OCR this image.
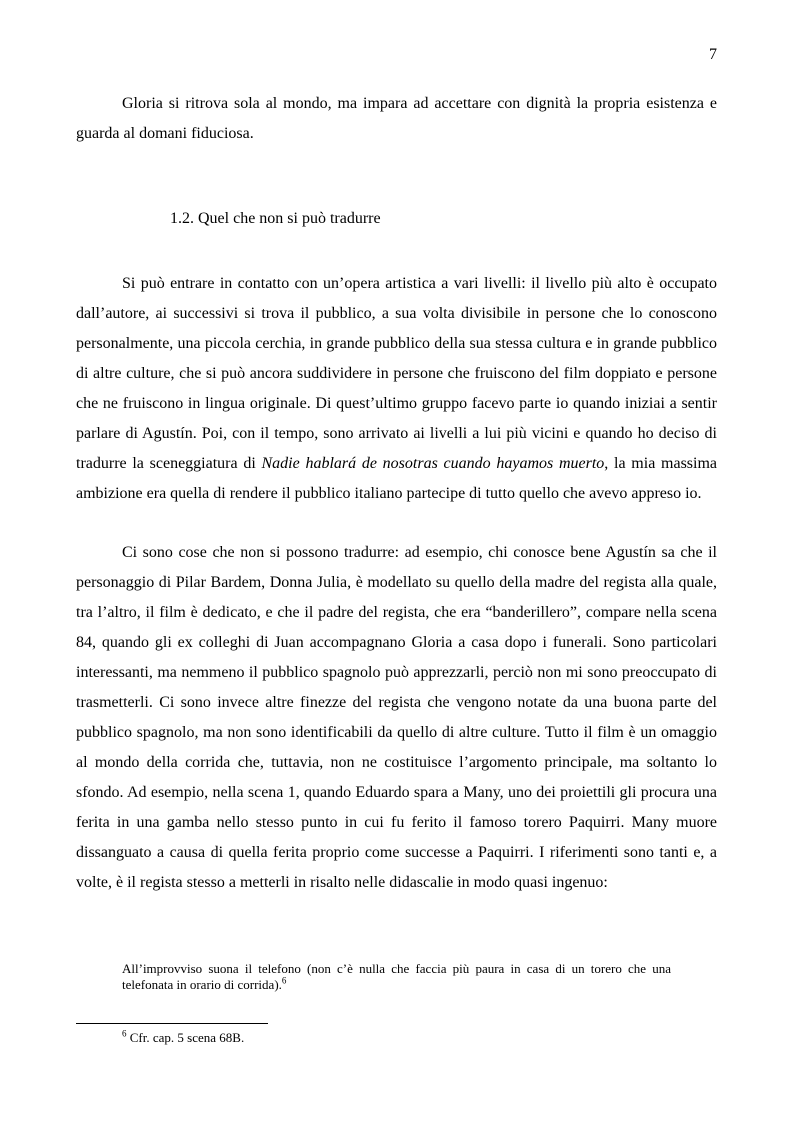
7

Gloria si ritrova sola al mondo, ma impara ad accettare con dignità la propria esistenza e guarda al domani fiduciosa.

1.2. Quel che non si può tradurre

Si può entrare in contatto con un’opera artistica a vari livelli: il livello più alto è occupato dall’autore, ai successivi si trova il pubblico, a sua volta divisibile in persone che lo conoscono personalmente, una piccola cerchia, in grande pubblico della sua stessa cultura e in grande pubblico di altre culture, che si può ancora suddividere in persone che fruiscono del film doppiato e persone che ne fruiscono in lingua originale. Di quest’ultimo gruppo facevo parte io quando iniziai a sentir parlare di Agustín. Poi, con il tempo, sono arrivato ai livelli a lui più vicini e quando ho deciso di tradurre la sceneggiatura di Nadie hablará de nosotras cuando hayamos muerto, la mia massima ambizione era quella di rendere il pubblico italiano partecipe di tutto quello che avevo appreso io.

Ci sono cose che non si possono tradurre: ad esempio, chi conosce bene Agustín sa che il personaggio di Pilar Bardem, Donna Julia, è modellato su quello della madre del regista alla quale, tra l’altro, il film è dedicato, e che il padre del regista, che era “banderillero”, compare nella scena 84, quando gli ex colleghi di Juan accompagnano Gloria a casa dopo i funerali. Sono particolari interessanti, ma nemmeno il pubblico spagnolo può apprezzarli, perciò non mi sono preoccupato di trasmetterli. Ci sono invece altre finezze del regista che vengono notate da una buona parte del pubblico spagnolo, ma non sono identificabili da quello di altre culture. Tutto il film è un omaggio al mondo della corrida che, tuttavia, non ne costituisce l’argomento principale, ma soltanto lo sfondo. Ad esempio, nella scena 1, quando Eduardo spara a Many, uno dei proiettili gli procura una ferita in una gamba nello stesso punto in cui fu ferito il famoso torero Paquirri. Many muore dissanguato a causa di quella ferita proprio come successe a Paquirri. I riferimenti sono tanti e, a volte, è il regista stesso a metterli in risalto nelle didascalie in modo quasi ingenuo:

All’improvviso suona il telefono (non c’è nulla che faccia più paura in casa di un torero che una telefonata in orario di corrida).$^6$

$^6$ Cfr. cap. 5 scena 68B.
